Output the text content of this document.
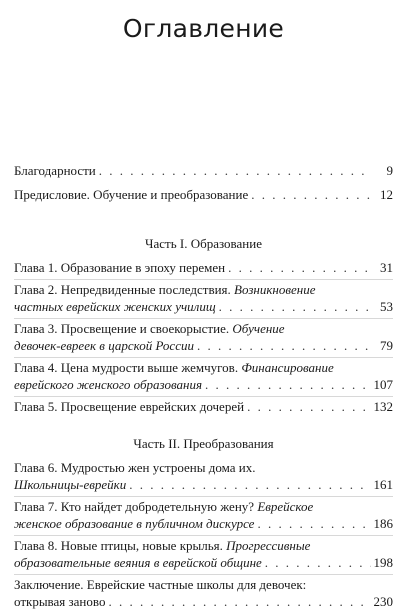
Оглавление
Благодарности . . .	9
Предисловие. Обучение и преобразование . . .	12
Часть I. Образование
Глава 1. Образование в эпоху перемен . . .	31
Глава 2. Непредвиденные последствия. Возникновение
частных еврейских женских училищ . . .	53
Глава 3. Просвещение и своекорыстие. Обучение
девочек-евреек в царской России . . .	79
Глава 4. Цена мудрости выше жемчугов. Финансирование
еврейского женского образования . . .	107
Глава 5. Просвещение еврейских дочерей . . .	132
Часть II. Преобразования
Глава 6. Мудростью жен устроены дома их.
Школьницы-еврейки . . .	161
Глава 7. Кто найдет добродетельную жену? Еврейское
женское образование в публичном дискурсе . . .	186
Глава 8. Новые птицы, новые крылья. Прогрессивные
образовательные веяния в еврейской общине . . .	198
Заключение. Еврейские частные школы для девочек:
открывая заново . . .	230
